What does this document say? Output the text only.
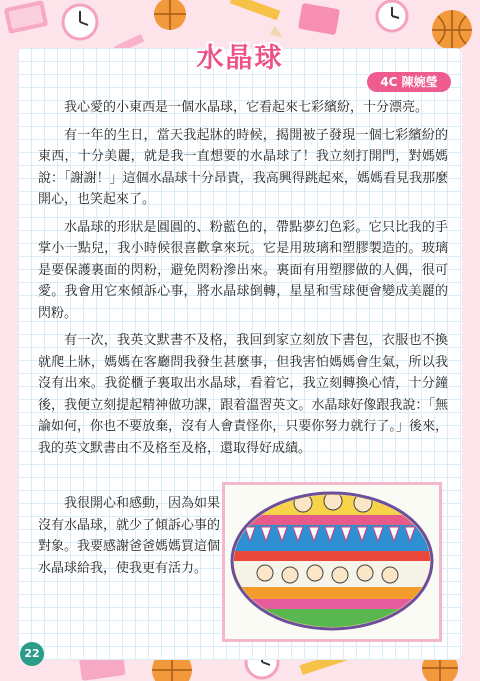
水晶球
4C 陳婉瑩

我心愛的小東西是一個水晶球，它看起來七彩繽紛，十分漂亮。

有一年的生日，當天我起牀的時候，揭開被子發現一個七彩繽紛的東西，十分美麗，就是我一直想要的水晶球了！我立刻打開門，對媽媽說：「謝謝！」這個水晶球十分昂貴，我高興得跳起來，媽媽看見我那麼開心，也笑起來了。

水晶球的形狀是圓圓的、粉藍色的，帶點夢幻色彩。它只比我的手掌小一點兒，我小時候很喜歡拿來玩。它是用玻璃和塑膠製造的。玻璃是要保護裏面的閃粉，避免閃粉滲出來。裏面有用塑膠做的人偶，很可愛。我會用它來傾訴心事，將水晶球倒轉，星星和雪球便會變成美麗的閃粉。

有一次，我英文默書不及格，我回到家立刻放下書包，衣服也不換就爬上牀，媽媽在客廳問我發生甚麼事，但我害怕媽媽會生氣，所以我沒有出來。我從櫃子裏取出水晶球，看着它，我立刻轉換心情，十分鐘後，我便立刻提起精神做功課，跟着溫習英文。水晶球好像跟我說：「無論如何，你也不要放棄，沒有人會責怪你，只要你努力就行了。」後來，我的英文默書由不及格至及格，還取得好成績。

我很開心和感動，因為如果沒有水晶球，就少了傾訴心事的對象。我要感謝爸爸媽媽買這個水晶球給我，使我更有活力。

22
